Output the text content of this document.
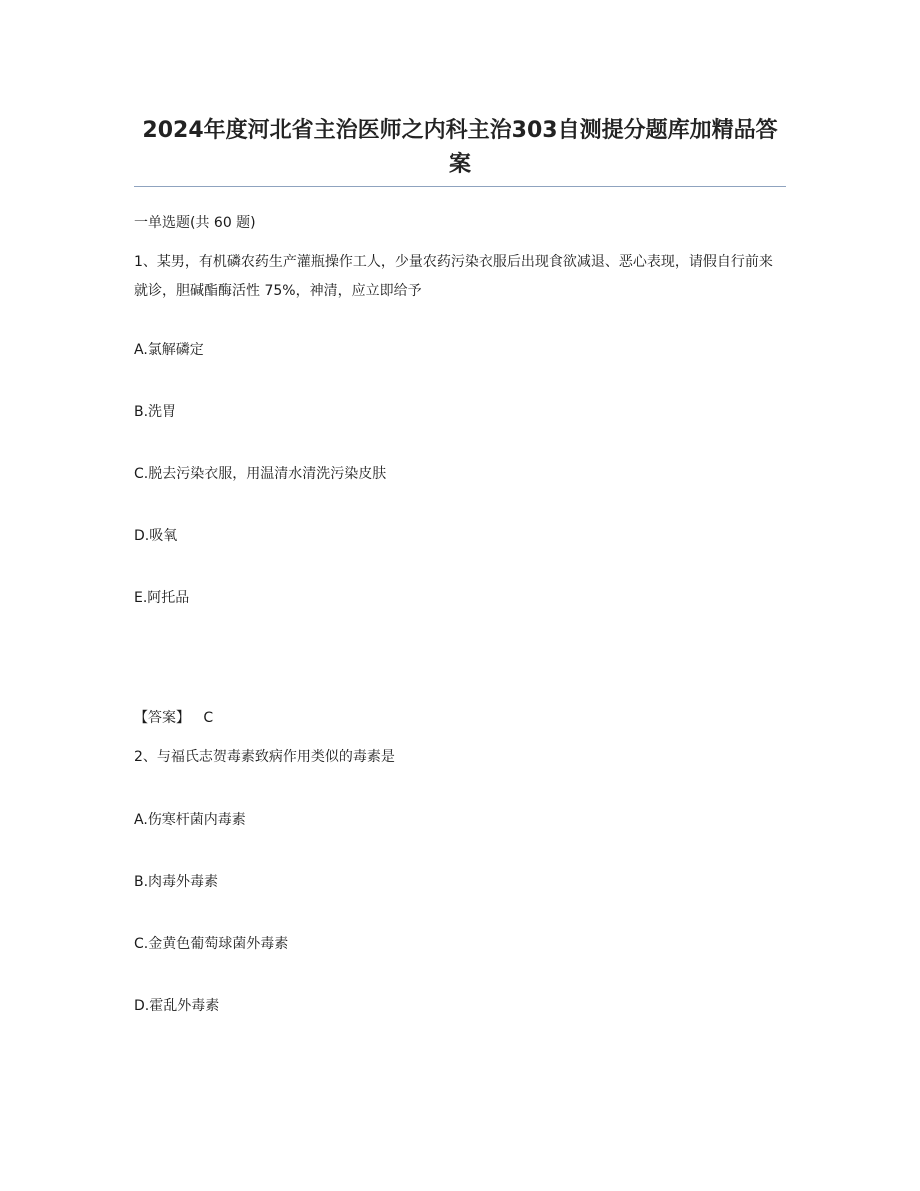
2024年度河北省主治医师之内科主治303自测提分题库加精品答案

一单选题(共 60 题)

1、某男，有机磷农药生产灌瓶操作工人，少量农药污染衣服后出现食欲减退、恶心表现，请假自行前来就诊，胆碱酯酶活性 75%，神清，应立即给予

A.氯解磷定

B.洗胃

C.脱去污染衣服，用温清水清洗污染皮肤

D.吸氧

E.阿托品

【答案】 C

2、与福氏志贺毒素致病作用类似的毒素是

A.伤寒杆菌内毒素

B.肉毒外毒素

C.金黄色葡萄球菌外毒素

D.霍乱外毒素
